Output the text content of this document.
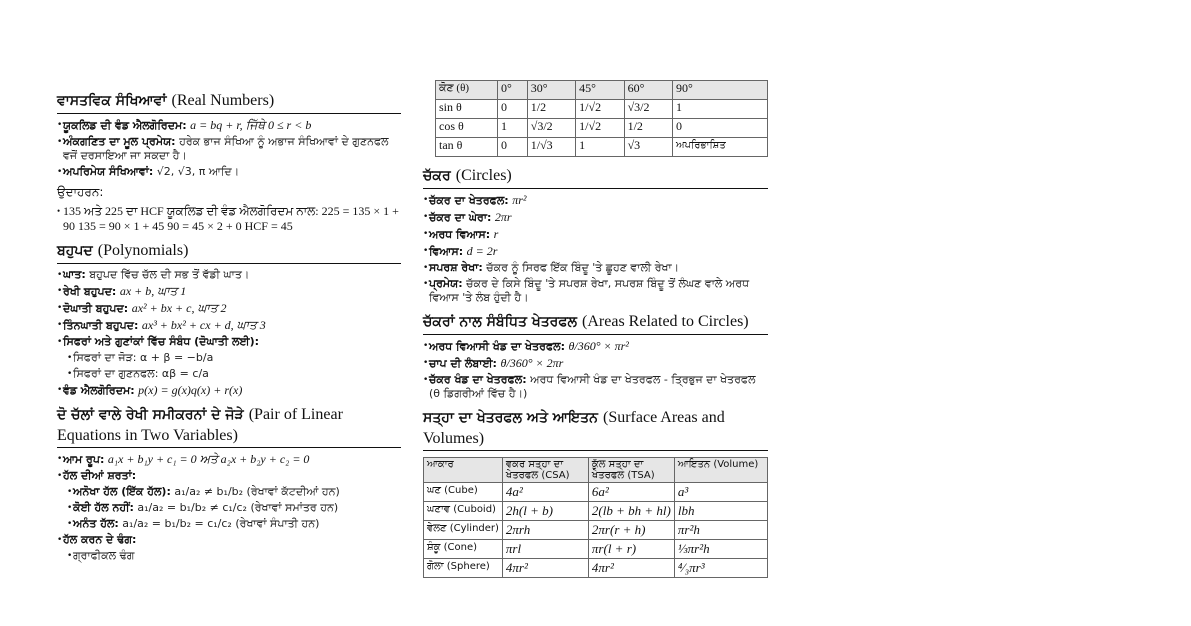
ਵਾਸਤਵਿਕ ਸੰਖਿਆਵਾਂ (Real Numbers)
• ਯੂਕਲਿਡ ਦੀ ਵੰਡ ਐਲਗੋਰਿਦਮ: a = bq + r, ਜਿੱਥੇ 0 ≤ r < b
• ਅੰਕਗਣਿਤ ਦਾ ਮੂਲ ਪ੍ਰਮੇਯ: ਹਰੇਕ ਭਾਜ ਸੰਖਿਆ ਨੂੰ ਅਭਾਜ ਸੰਖਿਆਵਾਂ ਦੇ ਗੁਣਨਫਲ ਵਜੋਂ ਦਰਸਾਇਆ ਜਾ ਸਕਦਾ ਹੈ।
• ਅਪਰਿਮੇਯ ਸੰਖਿਆਵਾਂ: √2, √3, π ਆਦਿ।
ਉਦਾਹਰਨ:
• 135 ਅਤੇ 225 ਦਾ HCF ਯੂਕਲਿਡ ਦੀ ਵੰਡ ਐਲਗੋਰਿਦਮ ਨਾਲ: 225 = 135 × 1 + 90 135 = 90 × 1 + 45 90 = 45 × 2 + 0 HCF = 45
ਬਹੁਪਦ (Polynomials)
• ਘਾਤ: ਬਹੁਪਦ ਵਿੱਚ ਚੱਲ ਦੀ ਸਭ ਤੋਂ ਵੱਡੀ ਘਾਤ।
• ਰੇਖੀ ਬਹੁਪਦ: ax + b, ਘਾਤ 1
• ਦੋਘਾਤੀ ਬਹੁਪਦ: ax² + bx + c, ਘਾਤ 2
• ਤਿੰਨਘਾਤੀ ਬਹੁਪਦ: ax³ + bx² + cx + d, ਘਾਤ 3
• ਸਿਫਰਾਂ ਅਤੇ ਗੁਣਾਂਕਾਂ ਵਿੱਚ ਸੰਬੰਧ (ਦੋਘਾਤੀ ਲਈ):
• ਸਿਫਰਾਂ ਦਾ ਜੋੜ: α + β = −b/a
• ਸਿਫਰਾਂ ਦਾ ਗੁਣਨਫਲ: αβ = c/a
• ਵੰਡ ਐਲਗੋਰਿਦਮ: p(x) = g(x)q(x) + r(x)
ਦੋ ਚੱਲਾਂ ਵਾਲੇ ਰੇਖੀ ਸਮੀਕਰਨਾਂ ਦੇ ਜੋੜੇ (Pair of Linear Equations in Two Variables)
• ਆਮ ਰੂਪ: a₁x + b₁y + c₁ = 0 ਅਤੇ a₂x + b₂y + c₂ = 0
• ਹੱਲ ਦੀਆਂ ਸ਼ਰਤਾਂ:
• ਅਨੋਖਾ ਹੱਲ (ਇੱਕ ਹੱਲ): a₁/a₂ ≠ b₁/b₂ (ਰੇਖਾਵਾਂ ਕੱਟਦੀਆਂ ਹਨ)
• ਕੋਈ ਹੱਲ ਨਹੀਂ: a₁/a₂ = b₁/b₂ ≠ c₁/c₂ (ਰੇਖਾਵਾਂ ਸਮਾਂਤਰ ਹਨ)
• ਅਨੰਤ ਹੱਲ: a₁/a₂ = b₁/b₂ = c₁/c₂ (ਰੇਖਾਵਾਂ ਸੰਪਾਤੀ ਹਨ)
• ਹੱਲ ਕਰਨ ਦੇ ਢੰਗ:
• ਗ੍ਰਾਫੀਕਲ ਢੰਗ
ਕੋਣ (θ)	0°	30°	45°	60°	90°
sin θ	0	1/2	1/√2	√3/2	1
cos θ	1	√3/2	1/√2	1/2	0
tan θ	0	1/√3	1	√3	ਅਪਰਿਭਾਸ਼ਿਤ
ਚੱਕਰ (Circles)
• ਚੱਕਰ ਦਾ ਖੇਤਰਫਲ: πr²
• ਚੱਕਰ ਦਾ ਘੇਰਾ: 2πr
• ਅਰਧ ਵਿਆਸ: r
• ਵਿਆਸ: d = 2r
• ਸਪਰਸ਼ ਰੇਖਾ: ਚੱਕਰ ਨੂੰ ਸਿਰਫ ਇੱਕ ਬਿੰਦੂ 'ਤੇ ਛੂਹਣ ਵਾਲੀ ਰੇਖਾ।
• ਪ੍ਰਮੇਯ: ਚੱਕਰ ਦੇ ਕਿਸੇ ਬਿੰਦੂ 'ਤੇ ਸਪਰਸ਼ ਰੇਖਾ, ਸਪਰਸ਼ ਬਿੰਦੂ ਤੋਂ ਲੰਘਣ ਵਾਲੇ ਅਰਧ ਵਿਆਸ 'ਤੇ ਲੰਬ ਹੁੰਦੀ ਹੈ।
ਚੱਕਰਾਂ ਨਾਲ ਸੰਬੰਧਿਤ ਖੇਤਰਫਲ (Areas Related to Circles)
• ਅਰਧ ਵਿਆਸੀ ਖੰਡ ਦਾ ਖੇਤਰਫਲ: θ/360° × πr²
• ਚਾਪ ਦੀ ਲੰਬਾਈ: θ/360° × 2πr
• ਚੱਕਰ ਖੰਡ ਦਾ ਖੇਤਰਫਲ: ਅਰਧ ਵਿਆਸੀ ਖੰਡ ਦਾ ਖੇਤਰਫਲ - ਤ੍ਰਿਭੁਜ ਦਾ ਖੇਤਰਫਲ (θ ਡਿਗਰੀਆਂ ਵਿੱਚ ਹੈ।)
ਸਤ੍ਹਾ ਦਾ ਖੇਤਰਫਲ ਅਤੇ ਆਇਤਨ (Surface Areas and Volumes)
ਆਕਾਰ	ਵਕਰ ਸਤ੍ਹਾ ਦਾ ਖੇਤਰਫਲ (CSA)	ਕੁੱਲ ਸਤ੍ਹਾ ਦਾ ਖੇਤਰਫਲ (TSA)	ਆਇਤਨ (Volume)
ਘਣ (Cube)	4a²	6a²	a³
ਘਣਾਵ (Cuboid)	2h(l + b)	2(lb + bh + hl)	lbh
ਵੇਲਣ (Cylinder)	2πrh	2πr(r + h)	πr²h
ਸ਼ੰਕੂ (Cone)	πrl	πr(l + r)	⅓πr²h
ਗੋਲਾ (Sphere)	4πr²	4πr²	⁴⁄₃πr³
